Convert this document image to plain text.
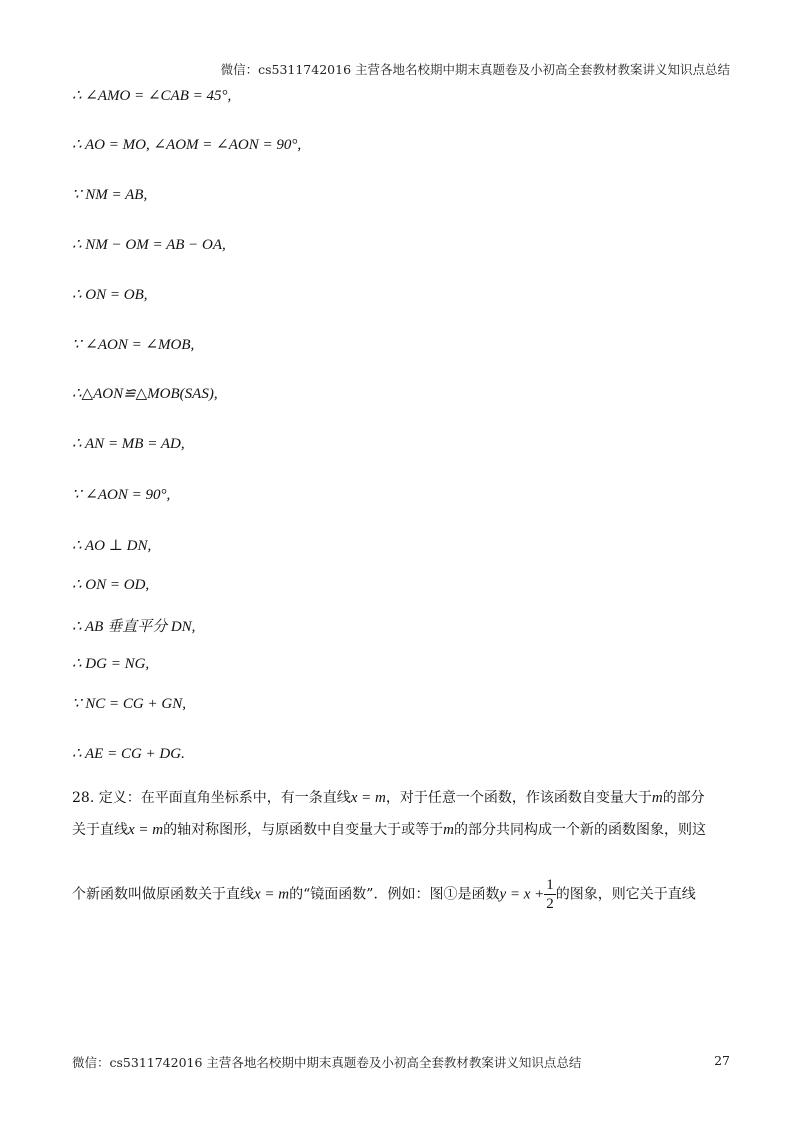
微信：cs5311742016 主营各地名校期中期末真题卷及小初高全套教材教案讲义知识点总结
∴ ∠AMO = ∠CAB = 45°,
∴ AO = MO, ∠AOM = ∠AON = 90°,
∵ NM = AB,
∴ NM − OM = AB − OA,
∴ ON = OB,
∵ ∠AON = ∠MOB,
∴△AON≌△MOB(SAS),
∴ AN = MB = AD,
∵ ∠AON = 90°,
∴ AO ⊥ DN,
∴ ON = OD,
∴ AB 垂直平分 DN,
∴ DG = NG,
∵ NC = CG + GN,
∴ AE = CG + DG.
28. 定义：在平面直角坐标系中，有一条直线x = m，对于任意一个函数，作该函数自变量大于m的部分
关于直线x = m的轴对称图形，与原函数中自变量大于或等于m的部分共同构成一个新的函数图象，则这
个新函数叫做原函数关于直线x = m的“镜面函数”．例如：图①是函数$y = x + \frac{1}{2}$ 的图象，则它关于直线
微信：cs5311742016 主营各地名校期中期末真题卷及小初高全套教材教案讲义知识点总结	27
